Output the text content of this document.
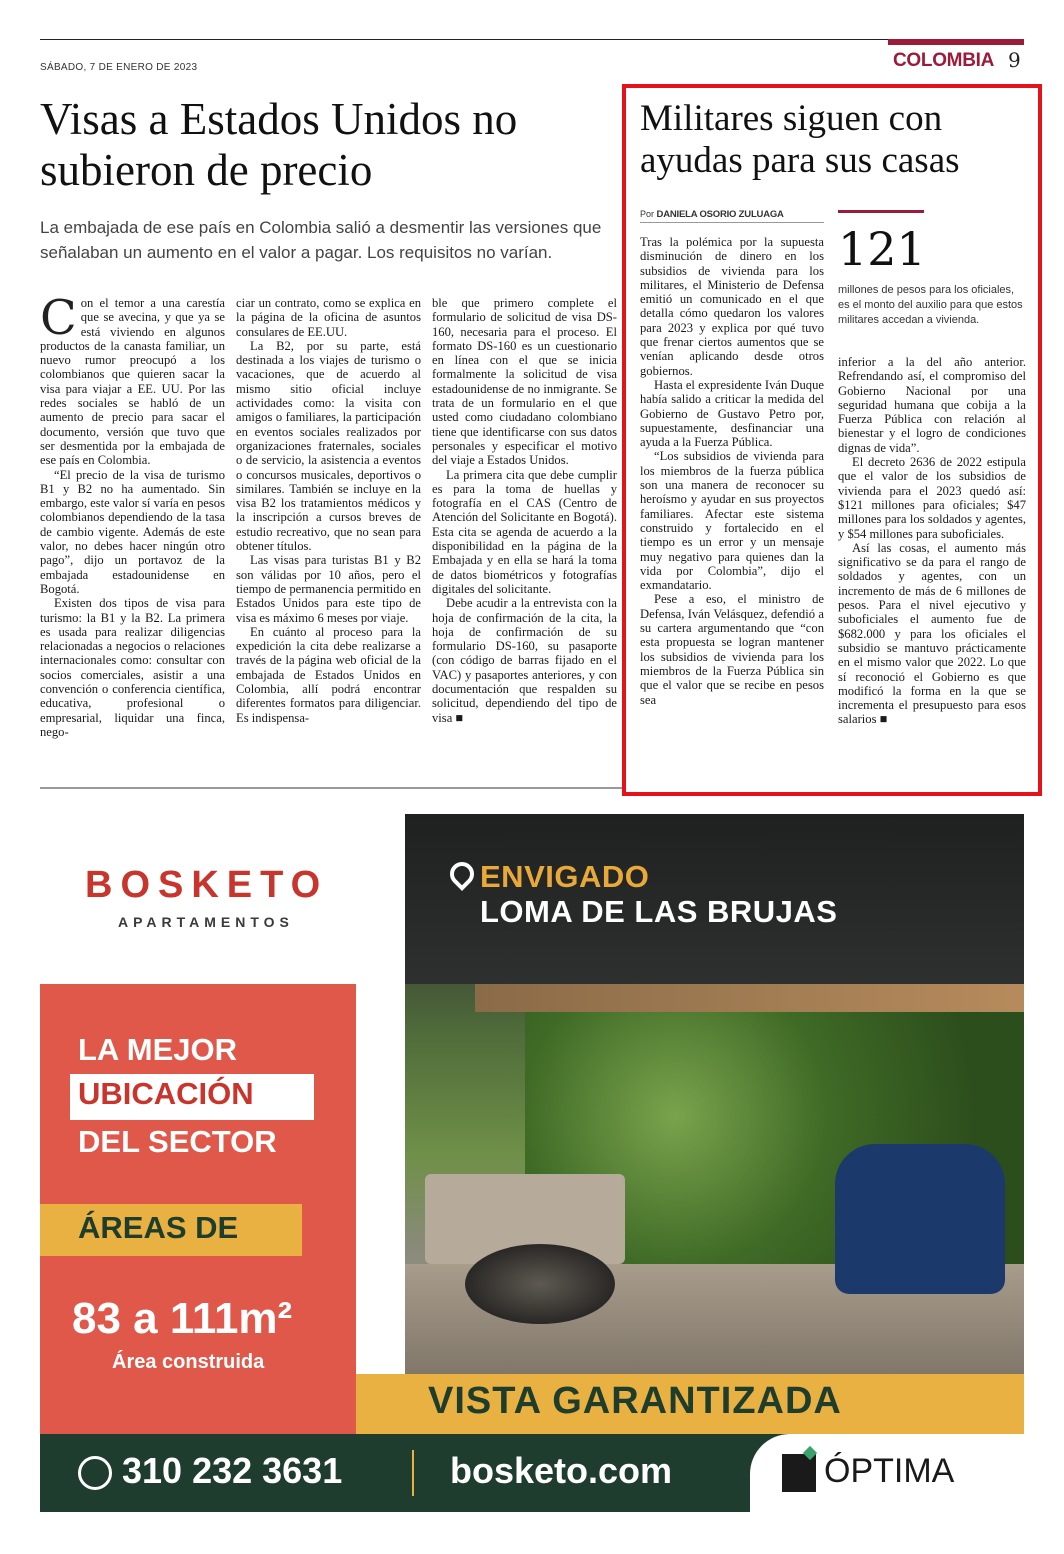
SÁBADO, 7 DE ENERO DE 2023	COLOMBIA 9
Visas a Estados Unidos no subieron de precio
La embajada de ese país en Colombia salió a desmentir las versiones que señalaban un aumento en el valor a pagar. Los requisitos no varían.

Con el temor a una carestía que se avecina, y que ya se está viviendo en algunos productos de la canasta familiar, un nuevo rumor preocupó a los colombianos que quieren sacar la visa para viajar a EE. UU. Por las redes sociales se habló de un aumento de precio para sacar el documento, versión que tuvo que ser desmentida por la embajada de ese país en Colombia.

“El precio de la visa de turismo B1 y B2 no ha aumentado. Sin embargo, este valor sí varía en pesos colombianos dependiendo de la tasa de cambio vigente. Además de este valor, no debes hacer ningún otro pago”, dijo un portavoz de la embajada estadounidense en Bogotá.

Existen dos tipos de visa para turismo: la B1 y la B2. La primera es usada para realizar diligencias relacionadas a negocios o relaciones internacionales como: consultar con socios comerciales, asistir a una convención o conferencia científica, educativa, profesional o empresarial, liquidar una finca, nego-

ciar un contrato, como se explica en la página de la oficina de asuntos consulares de EE.UU.

La B2, por su parte, está destinada a los viajes de turismo o vacaciones, que de acuerdo al mismo sitio oficial incluye actividades como: la visita con amigos o familiares, la participación en eventos sociales realizados por organizaciones fraternales, sociales o de servicio, la asistencia a eventos o concursos musicales, deportivos o similares. También se incluye en la visa B2 los tratamientos médicos y la inscripción a cursos breves de estudio recreativo, que no sean para obtener títulos.

Las visas para turistas B1 y B2 son válidas por 10 años, pero el tiempo de permanencia permitido en Estados Unidos para este tipo de visa es máximo 6 meses por viaje.

En cuánto al proceso para la expedición la cita debe realizarse a través de la página web oficial de la embajada de Estados Unidos en Colombia, allí podrá encontrar diferentes formatos para diligenciar. Es indispensa-

ble que primero complete el formulario de solicitud de visa DS-160, necesaria para el proceso. El formato DS-160 es un cuestionario en línea con el que se inicia formalmente la solicitud de visa estadounidense de no inmigrante. Se trata de un formulario en el que usted como ciudadano colombiano tiene que identificarse con sus datos personales y especificar el motivo del viaje a Estados Unidos.

La primera cita que debe cumplir es para la toma de huellas y fotografía en el CAS (Centro de Atención del Solicitante en Bogotá). Esta cita se agenda de acuerdo a la disponibilidad en la página de la Embajada y en ella se hará la toma de datos biométricos y fotografías digitales del solicitante.

Debe acudir a la entrevista con la hoja de confirmación de la cita, la hoja de confirmación de su formulario DS-160, su pasaporte (con código de barras fijado en el VAC) y pasaportes anteriores, y con documentación que respalden su solicitud, dependiendo del tipo de visa ■

Militares siguen con ayudas para sus casas
Por DANIELA OSORIO ZULUAGA
121
millones de pesos para los oficiales, es el monto del auxilio para que estos militares accedan a vivienda.

Tras la polémica por la supuesta disminución de dinero en los subsidios de vivienda para los militares, el Ministerio de Defensa emitió un comunicado en el que detalla cómo quedaron los valores para 2023 y explica por qué tuvo que frenar ciertos aumentos que se venían aplicando desde otros gobiernos.

Hasta el expresidente Iván Duque había salido a criticar la medida del Gobierno de Gustavo Petro por, supuestamente, desfinanciar una ayuda a la Fuerza Pública.

“Los subsidios de vivienda para los miembros de la fuerza pública son una manera de reconocer su heroísmo y ayudar en sus proyectos familiares. Afectar este sistema construido y fortalecido en el tiempo es un error y un mensaje muy negativo para quienes dan la vida por Colombia”, dijo el exmandatario.

Pese a eso, el ministro de Defensa, Iván Velásquez, defendió a su cartera argumentando que “con esta propuesta se logran mantener los subsidios de vivienda para los miembros de la Fuerza Pública sin que el valor que se recibe en pesos sea

inferior a la del año anterior. Refrendando así, el compromiso del Gobierno Nacional por una seguridad humana que cobija a la Fuerza Pública con relación al bienestar y el logro de condiciones dignas de vida”.

El decreto 2636 de 2022 estipula que el valor de los subsidios de vivienda para el 2023 quedó así: $121 millones para oficiales; $47 millones para los soldados y agentes, y $54 millones para suboficiales.

Así las cosas, el aumento más significativo se da para el rango de soldados y agentes, con un incremento de más de 6 millones de pesos. Para el nivel ejecutivo y suboficiales el aumento fue de $682.000 y para los oficiales el subsidio se mantuvo prácticamente en el mismo valor que 2022. Lo que sí reconoció el Gobierno es que modificó la forma en la que se incrementa el presupuesto para esos salarios ■

BOSKETO
APARTAMENTOS
ENVIGADO
LOMA DE LAS BRUJAS
LA MEJOR
UBICACIÓN
DEL SECTOR
ÁREAS DE
83 a 111m²
Área construida
VISTA GARANTIZADA
310 232 3631	bosketo.com	ÓPTIMA
